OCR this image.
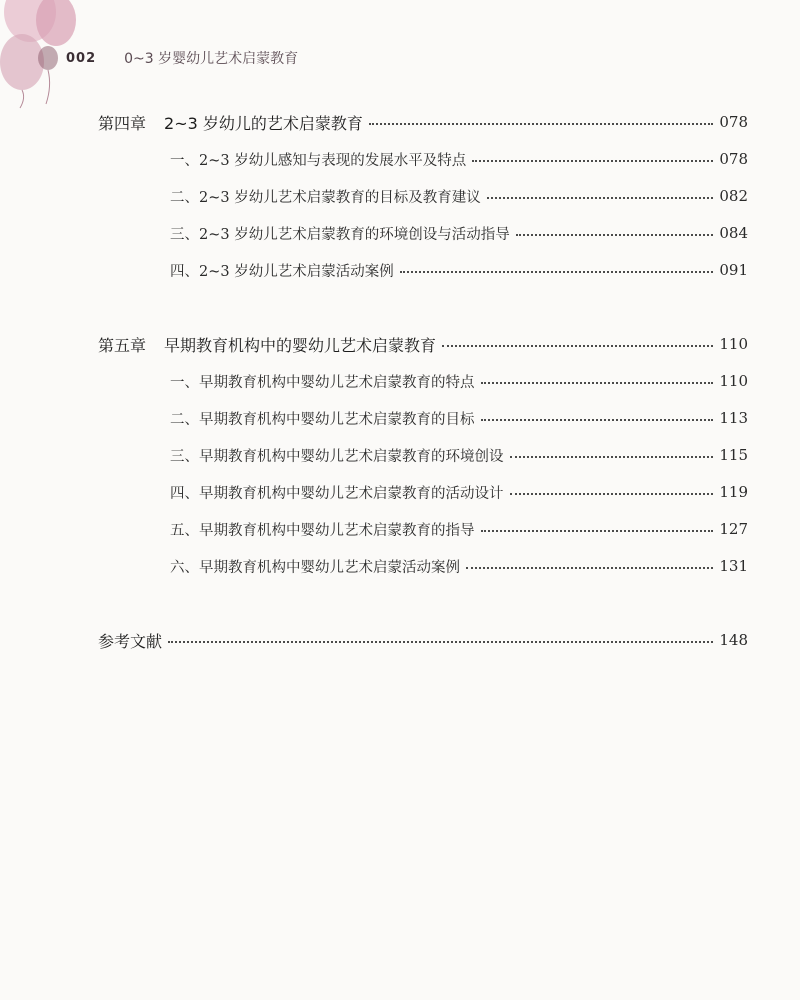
002 0~3 岁婴幼儿艺术启蒙教育
第四章 2~3 岁幼儿的艺术启蒙教育	078
一、2~3 岁幼儿感知与表现的发展水平及特点	078
二、2~3 岁幼儿艺术启蒙教育的目标及教育建议	082
三、2~3 岁幼儿艺术启蒙教育的环境创设与活动指导	084
四、2~3 岁幼儿艺术启蒙活动案例	091
第五章 早期教育机构中的婴幼儿艺术启蒙教育	110
一、早期教育机构中婴幼儿艺术启蒙教育的特点	110
二、早期教育机构中婴幼儿艺术启蒙教育的目标	113
三、早期教育机构中婴幼儿艺术启蒙教育的环境创设	115
四、早期教育机构中婴幼儿艺术启蒙教育的活动设计	119
五、早期教育机构中婴幼儿艺术启蒙教育的指导	127
六、早期教育机构中婴幼儿艺术启蒙活动案例	131
参考文献	148
